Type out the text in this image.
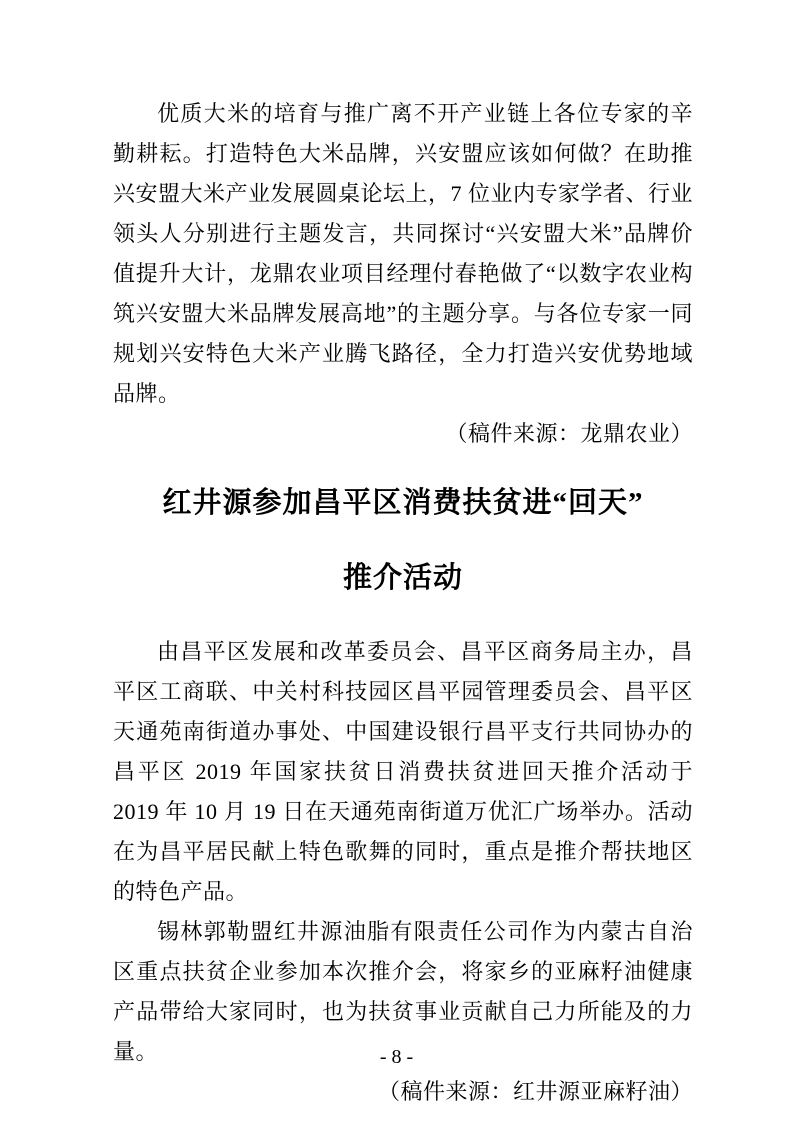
优质大米的培育与推广离不开产业链上各位专家的辛勤耕耘。打造特色大米品牌，兴安盟应该如何做？在助推兴安盟大米产业发展圆桌论坛上，7 位业内专家学者、行业领头人分别进行主题发言，共同探讨“兴安盟大米”品牌价值提升大计，龙鼎农业项目经理付春艳做了“以数字农业构筑兴安盟大米品牌发展高地”的主题分享。与各位专家一同规划兴安特色大米产业腾飞路径，全力打造兴安优势地域品牌。

（稿件来源：龙鼎农业）

红井源参加昌平区消费扶贫进“回天”
推介活动

由昌平区发展和改革委员会、昌平区商务局主办，昌平区工商联、中关村科技园区昌平园管理委员会、昌平区天通苑南街道办事处、中国建设银行昌平支行共同协办的昌平区 2019 年国家扶贫日消费扶贫进回天推介活动于 2019 年 10 月 19 日在天通苑南街道万优汇广场举办。活动在为昌平居民献上特色歌舞的同时，重点是推介帮扶地区的特色产品。

锡林郭勒盟红井源油脂有限责任公司作为内蒙古自治区重点扶贫企业参加本次推介会，将家乡的亚麻籽油健康产品带给大家同时，也为扶贫事业贡献自己力所能及的力量。

（稿件来源：红井源亚麻籽油）

- 8 -
